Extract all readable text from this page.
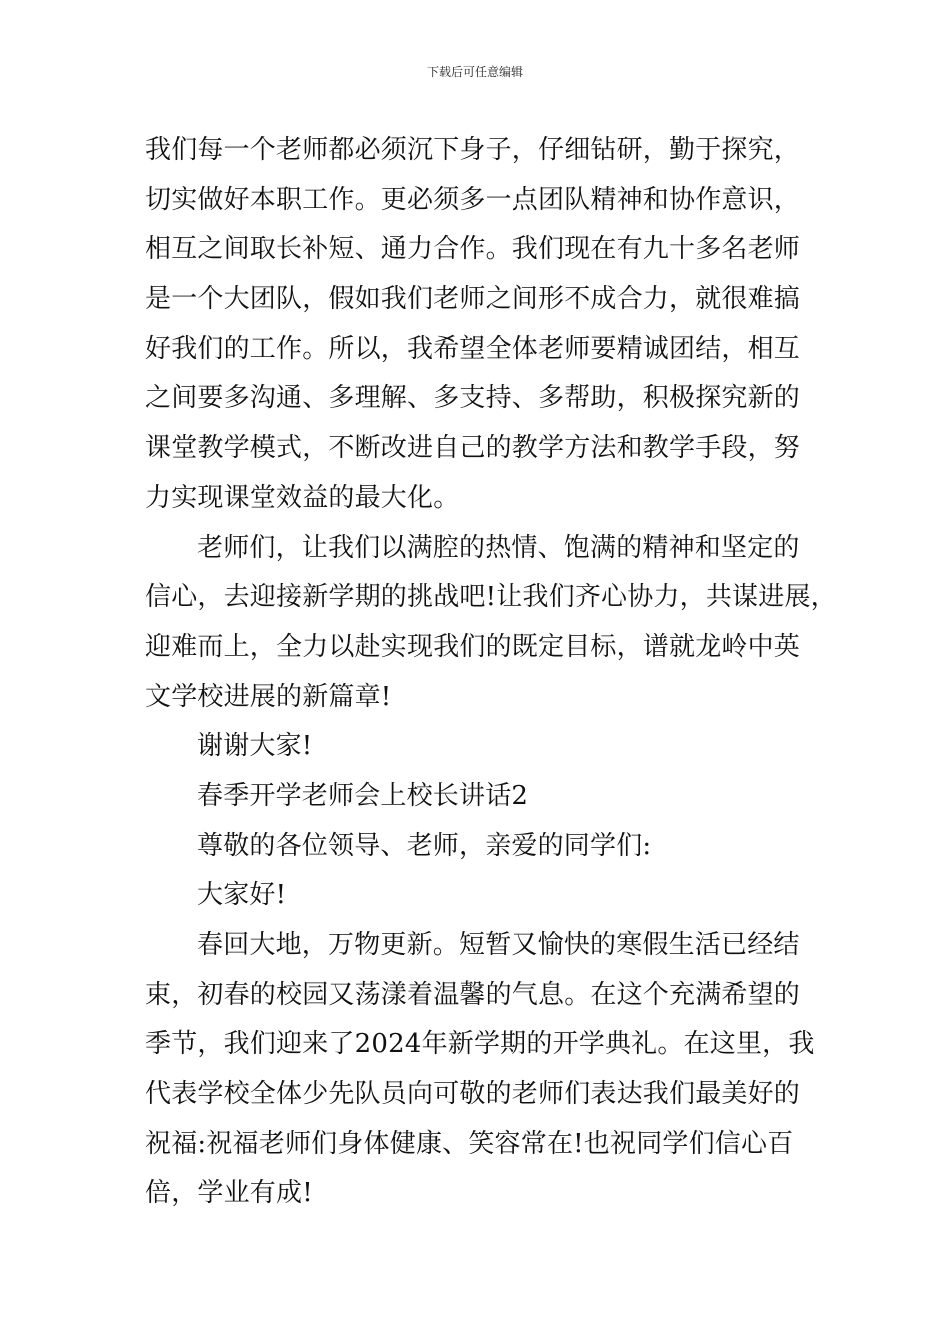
下载后可任意编辑
我们每一个老师都必须沉下身子，仔细钻研，勤于探究，
切实做好本职工作。更必须多一点团队精神和协作意识，
相互之间取长补短、通力合作。我们现在有九十多名老师
是一个大团队，假如我们老师之间形不成合力，就很难搞
好我们的工作。所以，我希望全体老师要精诚团结，相互
之间要多沟通、多理解、多支持、多帮助，积极探究新的
课堂教学模式，不断改进自己的教学方法和教学手段，努
力实现课堂效益的最大化。
老师们，让我们以满腔的热情、饱满的精神和坚定的
信心，去迎接新学期的挑战吧!让我们齐心协力，共谋进展，
迎难而上，全力以赴实现我们的既定目标，谱就龙岭中英
文学校进展的新篇章!
谢谢大家!
春季开学老师会上校长讲话2
尊敬的各位领导、老师，亲爱的同学们:
大家好!
春回大地，万物更新。短暂又愉快的寒假生活已经结
束，初春的校园又荡漾着温馨的气息。在这个充满希望的
季节，我们迎来了2024年新学期的开学典礼。在这里，我
代表学校全体少先队员向可敬的老师们表达我们最美好的
祝福:祝福老师们身体健康、笑容常在!也祝同学们信心百
倍，学业有成!
